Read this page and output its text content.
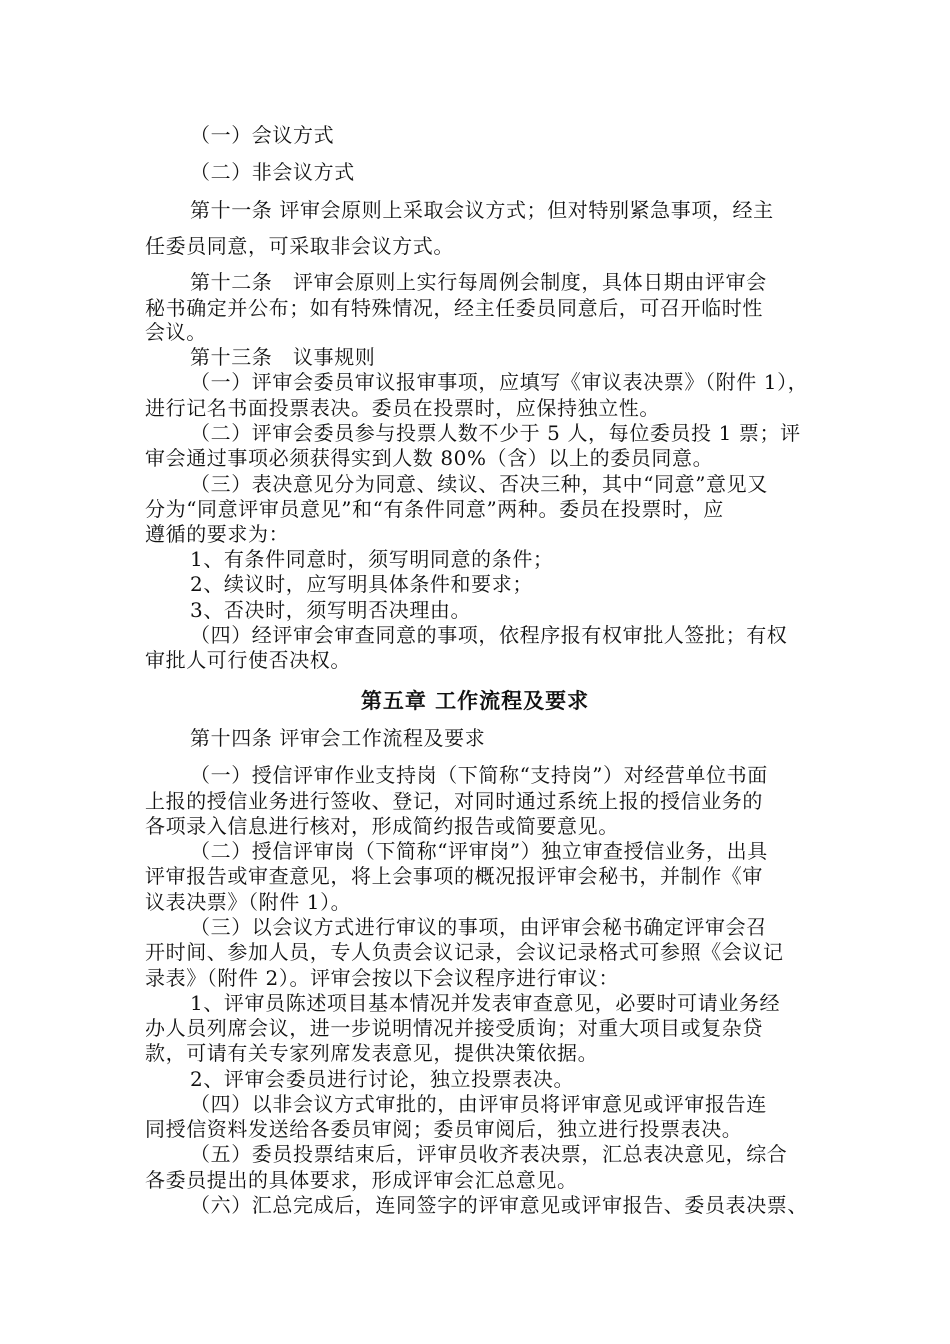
（一）会议方式
（二）非会议方式
第十一条 评审会原则上采取会议方式；但对特别紧急事项，经主
任委员同意，可采取非会议方式。
第十二条　评审会原则上实行每周例会制度，具体日期由评审会
秘书确定并公布；如有特殊情况，经主任委员同意后，可召开临时性
会议。
第十三条　议事规则
（一）评审会委员审议报审事项，应填写《审议表决票》（附件 1），
进行记名书面投票表决。委员在投票时，应保持独立性。
（二）评审会委员参与投票人数不少于 5 人，每位委员投 1 票；评
审会通过事项必须获得实到人数 80%（含）以上的委员同意。
（三）表决意见分为同意、续议、否决三种，其中“同意”意见又
分为“同意评审员意见”和“有条件同意”两种。委员在投票时，应
遵循的要求为：
1、有条件同意时，须写明同意的条件；
2、续议时，应写明具体条件和要求；
3、否决时，须写明否决理由。
（四）经评审会审查同意的事项，依程序报有权审批人签批；有权
审批人可行使否决权。
第五章 工作流程及要求
第十四条 评审会工作流程及要求
（一）授信评审作业支持岗（下简称“支持岗”）对经营单位书面
上报的授信业务进行签收、登记，对同时通过系统上报的授信业务的
各项录入信息进行核对，形成简约报告或简要意见。
（二）授信评审岗（下简称“评审岗”）独立审查授信业务，出具
评审报告或审查意见，将上会事项的概况报评审会秘书，并制作《审
议表决票》（附件 1）。
（三）以会议方式进行审议的事项，由评审会秘书确定评审会召
开时间、参加人员，专人负责会议记录，会议记录格式可参照《会议记
录表》（附件 2）。评审会按以下会议程序进行审议：
1、评审员陈述项目基本情况并发表审查意见，必要时可请业务经
办人员列席会议，进一步说明情况并接受质询；对重大项目或复杂贷
款，可请有关专家列席发表意见，提供决策依据。
2、评审会委员进行讨论，独立投票表决。
（四）以非会议方式审批的，由评审员将评审意见或评审报告连
同授信资料发送给各委员审阅；委员审阅后，独立进行投票表决。
（五）委员投票结束后，评审员收齐表决票，汇总表决意见，综合
各委员提出的具体要求，形成评审会汇总意见。
（六）汇总完成后，连同签字的评审意见或评审报告、委员表决票、
